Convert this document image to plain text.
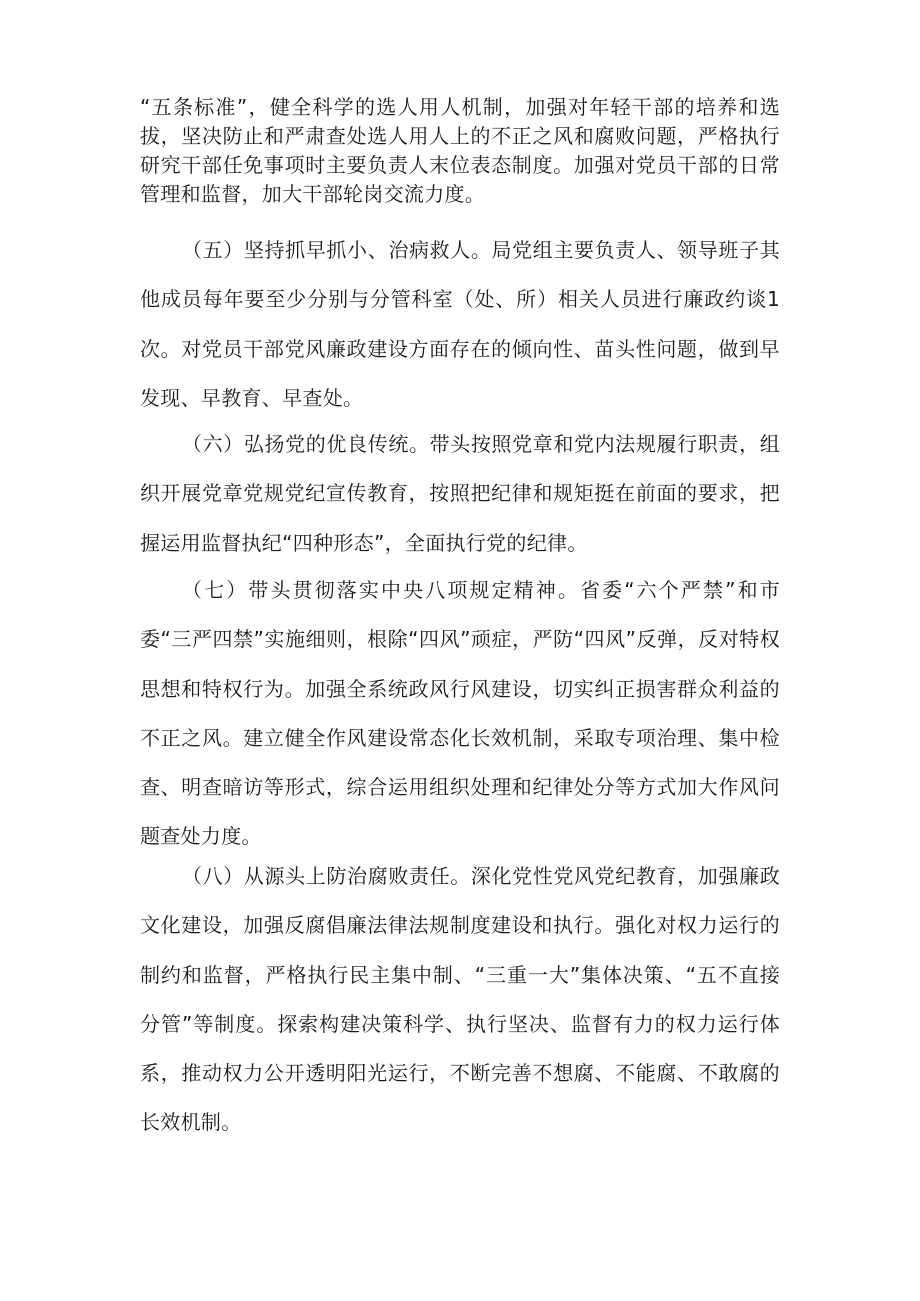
“五条标准”，健全科学的选人用人机制，加强对年轻干部的培养和选拔，坚决防止和严肃查处选人用人上的不正之风和腐败问题，严格执行研究干部任免事项时主要负责人末位表态制度。加强对党员干部的日常管理和监督，加大干部轮岗交流力度。

（五）坚持抓早抓小、治病救人。局党组主要负责人、领导班子其他成员每年要至少分别与分管科室（处、所）相关人员进行廉政约谈1次。对党员干部党风廉政建设方面存在的倾向性、苗头性问题，做到早发现、早教育、早查处。

（六）弘扬党的优良传统。带头按照党章和党内法规履行职责，组织开展党章党规党纪宣传教育，按照把纪律和规矩挺在前面的要求，把握运用监督执纪“四种形态”，全面执行党的纪律。

（七）带头贯彻落实中央八项规定精神。省委“六个严禁”和市委“三严四禁”实施细则，根除“四风”顽症，严防“四风”反弹，反对特权思想和特权行为。加强全系统政风行风建设，切实纠正损害群众利益的不正之风。建立健全作风建设常态化长效机制，采取专项治理、集中检查、明查暗访等形式，综合运用组织处理和纪律处分等方式加大作风问题查处力度。

（八）从源头上防治腐败责任。深化党性党风党纪教育，加强廉政文化建设，加强反腐倡廉法律法规制度建设和执行。强化对权力运行的制约和监督，严格执行民主集中制、“三重一大”集体决策、“五不直接分管”等制度。探索构建决策科学、执行坚决、监督有力的权力运行体系，推动权力公开透明阳光运行，不断完善不想腐、不能腐、不敢腐的长效机制。
